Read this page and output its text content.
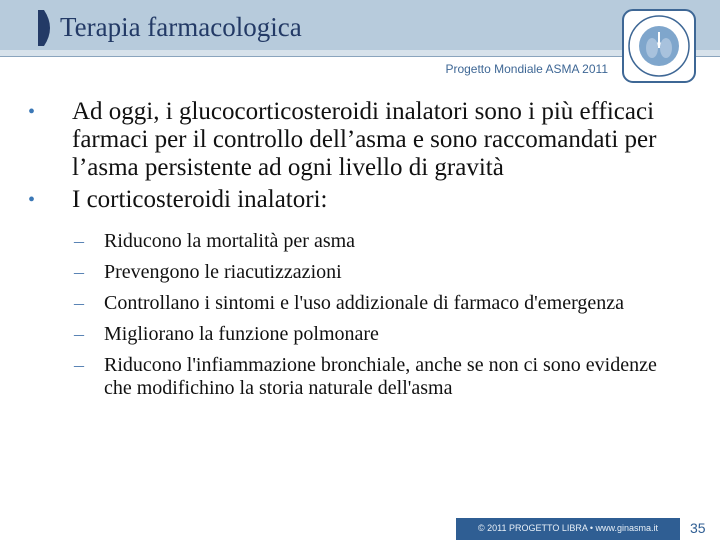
Terapia farmacologica
Progetto Mondiale ASMA 2011
• Ad oggi, i glucocorticosteroidi inalatori sono i più efficaci farmaci per il controllo dell’asma e sono raccomandati per l’asma persistente ad ogni livello di gravità
• I corticosteroidi inalatori:
–	Riducono la mortalità per asma
–	Prevengono le riacutizzazioni
–	Controllano i sintomi e l'uso addizionale di farmaco d'emergenza
–	Migliorano la funzione polmonare
–	Riducono l'infiammazione bronchiale, anche se non ci sono evidenze che modifichino la storia naturale dell'asma
© 2011 PROGETTO LIBRA • www.ginasma.it 35
